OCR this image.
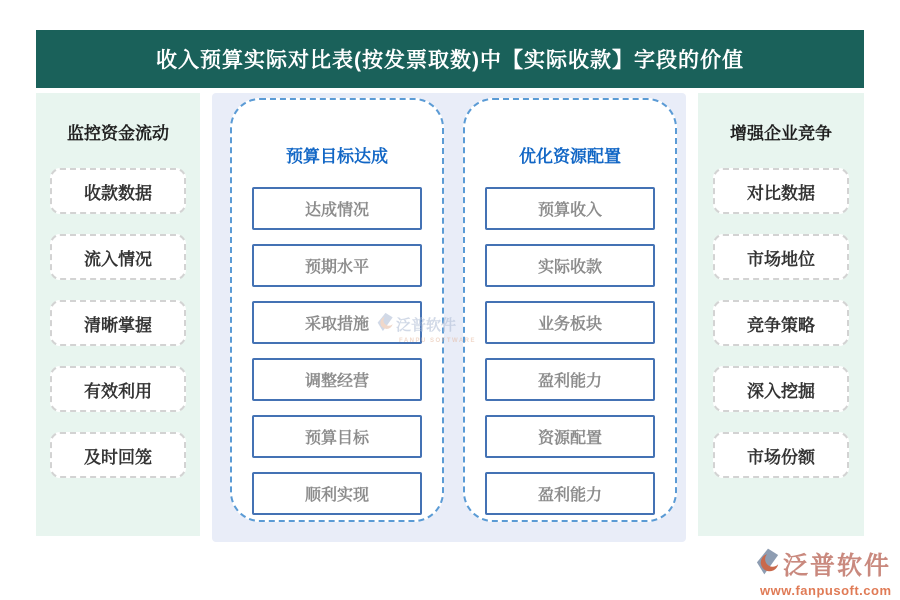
收入预算实际对比表(按发票取数)中【实际收款】字段的价值
监控资金流动
收款数据
流入情况
清晰掌握
有效利用
及时回笼
预算目标达成
达成情况
预期水平
采取措施
调整经营
预算目标
顺利实现
优化资源配置
预算收入
实际收款
业务板块
盈利能力
资源配置
盈利能力
增强企业竞争
对比数据
市场地位
竞争策略
深入挖掘
市场份额
泛普软件
FANPU SOFTWARE
泛普软件
www.fanpusoft.com
